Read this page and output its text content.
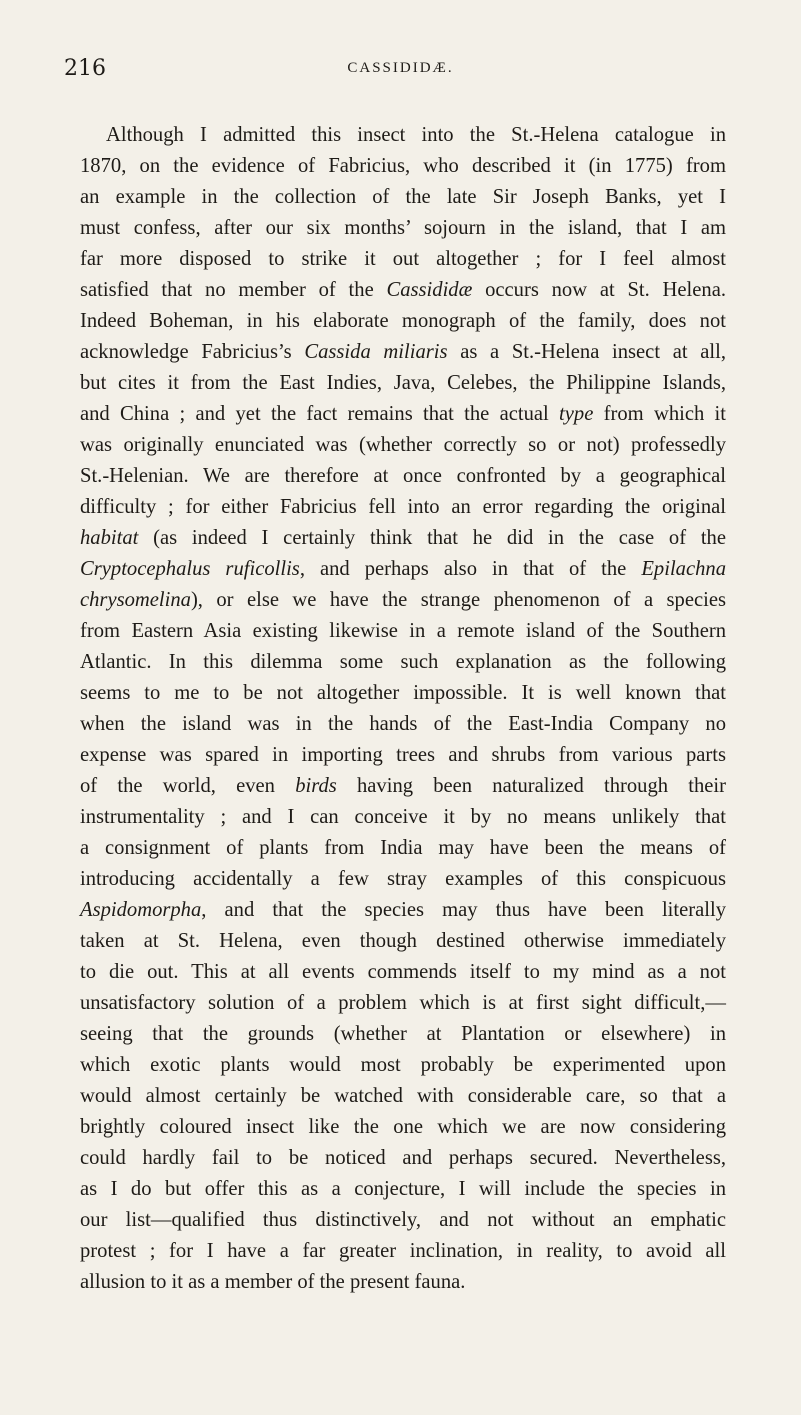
216	CASSIDIDÆ.
Although I admitted this insect into the St.-Helena catalogue in
1870, on the evidence of Fabricius, who described it (in 1775) from
an example in the collection of the late Sir Joseph Banks, yet I
must confess, after our six months’ sojourn in the island, that I am
far more disposed to strike it out altogether ; for I feel almost
satisfied that no member of the Cassididæ occurs now at St. Helena.
Indeed Boheman, in his elaborate monograph of the family, does not
acknowledge Fabricius’s Cassida miliaris as a St.-Helena insect at all,
but cites it from the East Indies, Java, Celebes, the Philippine Islands,
and China ; and yet the fact remains that the actual type from which it
was originally enunciated was (whether correctly so or not) professedly
St.-Helenian. We are therefore at once confronted by a geographical
difficulty ; for either Fabricius fell into an error regarding the original
habitat (as indeed I certainly think that he did in the case of the
Cryptocephalus ruficollis, and perhaps also in that of the Epilachna
chrysomelina), or else we have the strange phenomenon of a species
from Eastern Asia existing likewise in a remote island of the Southern
Atlantic. In this dilemma some such explanation as the following
seems to me to be not altogether impossible. It is well known that
when the island was in the hands of the East-India Company no
expense was spared in importing trees and shrubs from various parts
of the world, even birds having been naturalized through their
instrumentality ; and I can conceive it by no means unlikely that
a consignment of plants from India may have been the means of
introducing accidentally a few stray examples of this conspicuous
Aspidomorpha, and that the species may thus have been literally
taken at St. Helena, even though destined otherwise immediately
to die out. This at all events commends itself to my mind as a not
unsatisfactory solution of a problem which is at first sight difficult,—
seeing that the grounds (whether at Plantation or elsewhere) in
which exotic plants would most probably be experimented upon
would almost certainly be watched with considerable care, so that a
brightly coloured insect like the one which we are now considering
could hardly fail to be noticed and perhaps secured. Nevertheless,
as I do but offer this as a conjecture, I will include the species in
our list—qualified thus distinctively, and not without an emphatic
protest ; for I have a far greater inclination, in reality, to avoid all
allusion to it as a member of the present fauna.
